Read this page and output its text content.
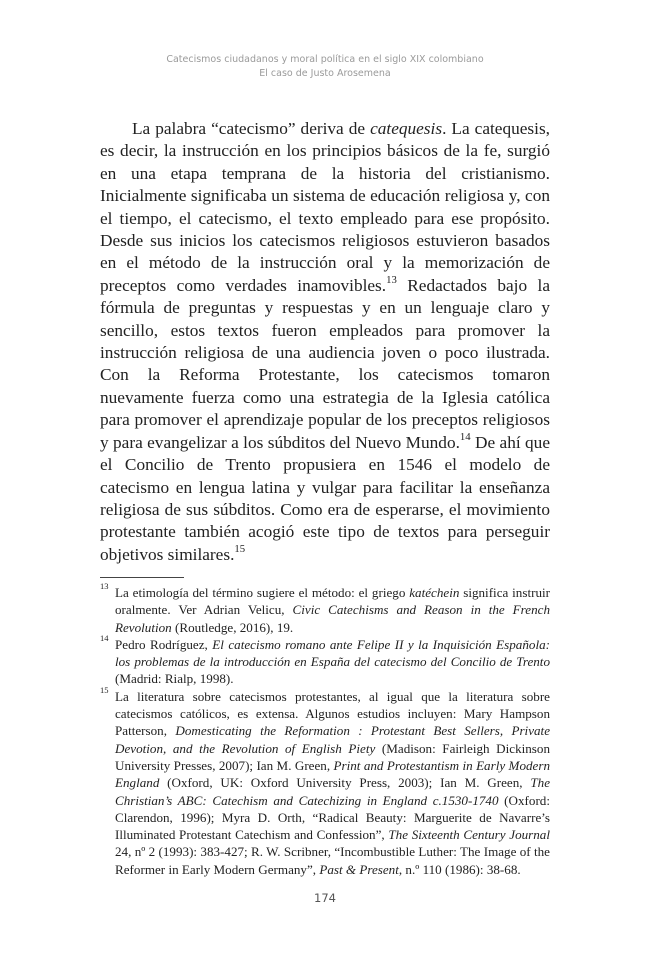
Catecismos ciudadanos y moral política en el siglo XIX colombiano
El caso de Justo Arosemena

La palabra “catecismo” deriva de catequesis. La catequesis, es decir, la instrucción en los principios básicos de la fe, surgió en una etapa temprana de la historia del cristianismo. Inicialmente significaba un sistema de educación religiosa y, con el tiempo, el catecismo, el texto empleado para ese propósito. Desde sus inicios los catecismos religiosos estuvieron basados en el método de la instrucción oral y la memorización de preceptos como verdades inamovibles.$^{13}$ Redactados bajo la fórmula de preguntas y respuestas y en un lenguaje claro y sencillo, estos textos fueron empleados para promover la instrucción religiosa de una audiencia joven o poco ilustrada. Con la Reforma Protestante, los catecismos tomaron nuevamente fuerza como una estrategia de la Iglesia católica para promover el aprendizaje popular de los preceptos religiosos y para evangelizar a los súbditos del Nuevo Mundo.$^{14}$ De ahí que el Concilio de Trento propusiera en 1546 el modelo de catecismo en lengua latina y vulgar para facilitar la enseñanza religiosa de sus súbditos. Como era de esperarse, el movimiento protestante también acogió este tipo de textos para perseguir objetivos similares.$^{15}$

13 La etimología del término sugiere el método: el griego katéchein significa instruir oralmente. Ver Adrian Velicu, Civic Catechisms and Reason in the French Revolution (Routledge, 2016), 19.

14 Pedro Rodríguez, El catecismo romano ante Felipe II y la Inquisición Española: los problemas de la introducción en España del catecismo del Concilio de Trento (Madrid: Rialp, 1998).

15 La literatura sobre catecismos protestantes, al igual que la literatura sobre catecismos católicos, es extensa. Algunos estudios incluyen: Mary Hampson Patterson, Domesticating the Reformation : Protestant Best Sellers, Private Devotion, and the Revolution of English Piety (Madison: Fairleigh Dickinson University Presses, 2007); Ian M. Green, Print and Protestantism in Early Modern England (Oxford, UK: Oxford University Press, 2003); Ian M. Green, The Christian’s ABC: Catechism and Catechizing in England c.1530-1740 (Oxford: Clarendon, 1996); Myra D. Orth, “Radical Beauty: Marguerite de Navarre’s Illuminated Protestant Catechism and Confession”, The Sixteenth Century Journal 24, nº 2 (1993): 383-427; R. W. Scribner, “Incombustible Luther: The Image of the Reformer in Early Modern Germany”, Past & Present, n.º 110 (1986): 38-68.

174
